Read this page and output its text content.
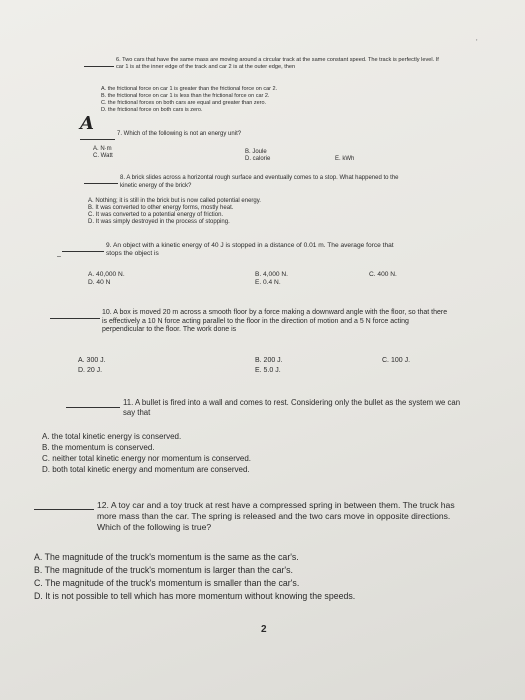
'
6. Two cars that have the same mass are moving around a circular track at the same constant speed. The track is perfectly level. If car 1 is at the inner edge of the track and car 2 is at the outer edge, then
A. the frictional force on car 1 is greater than the frictional force on car 2.
B. the frictional force on car 1 is less than the frictional force on car 2.
C. the frictional forces on both cars are equal and greater than zero.
D. the frictional force on both cars is zero.
A	7. Which of the following is not an energy unit?
A. N·m
C. Watt
B. Joule
D. calorie	E. kWh
8. A brick slides across a horizontal rough surface and eventually comes to a stop. What happened to the kinetic energy of the brick?
A. Nothing; it is still in the brick but is now called potential energy.
B. It was converted to other energy forms, mostly heat.
C. It was converted to a potential energy of friction.
D. It was simply destroyed in the process of stopping.
9. An object with a kinetic energy of 40 J is stopped in a distance of 0.01 m. The average force that stops the object is
–
A. 40,000 N.
D. 40 N
B. 4,000 N.
E. 0.4 N.
C. 400 N.
10. A box is moved 20 m across a smooth floor by a force making a downward angle with the floor, so that there is effectively a 10 N force acting parallel to the floor in the direction of motion and a 5 N force acting perpendicular to the floor. The work done is
A. 300 J.
D. 20 J.
B. 200 J.
E. 5.0 J.
C. 100 J.
11. A bullet is fired into a wall and comes to rest. Considering only the bullet as the system we can say that
A. the total kinetic energy is conserved.
B. the momentum is conserved.
C. neither total kinetic energy nor momentum is conserved.
D. both total kinetic energy and momentum are conserved.
12. A toy car and a toy truck at rest have a compressed spring in between them. The truck has more mass than the car. The spring is released and the two cars move in opposite directions. Which of the following is true?
A. The magnitude of the truck's momentum is the same as the car's.
B. The magnitude of the truck's momentum is larger than the car's.
C. The magnitude of the truck's momentum is smaller than the car's.
D. It is not possible to tell which has more momentum without knowing the speeds.
2
